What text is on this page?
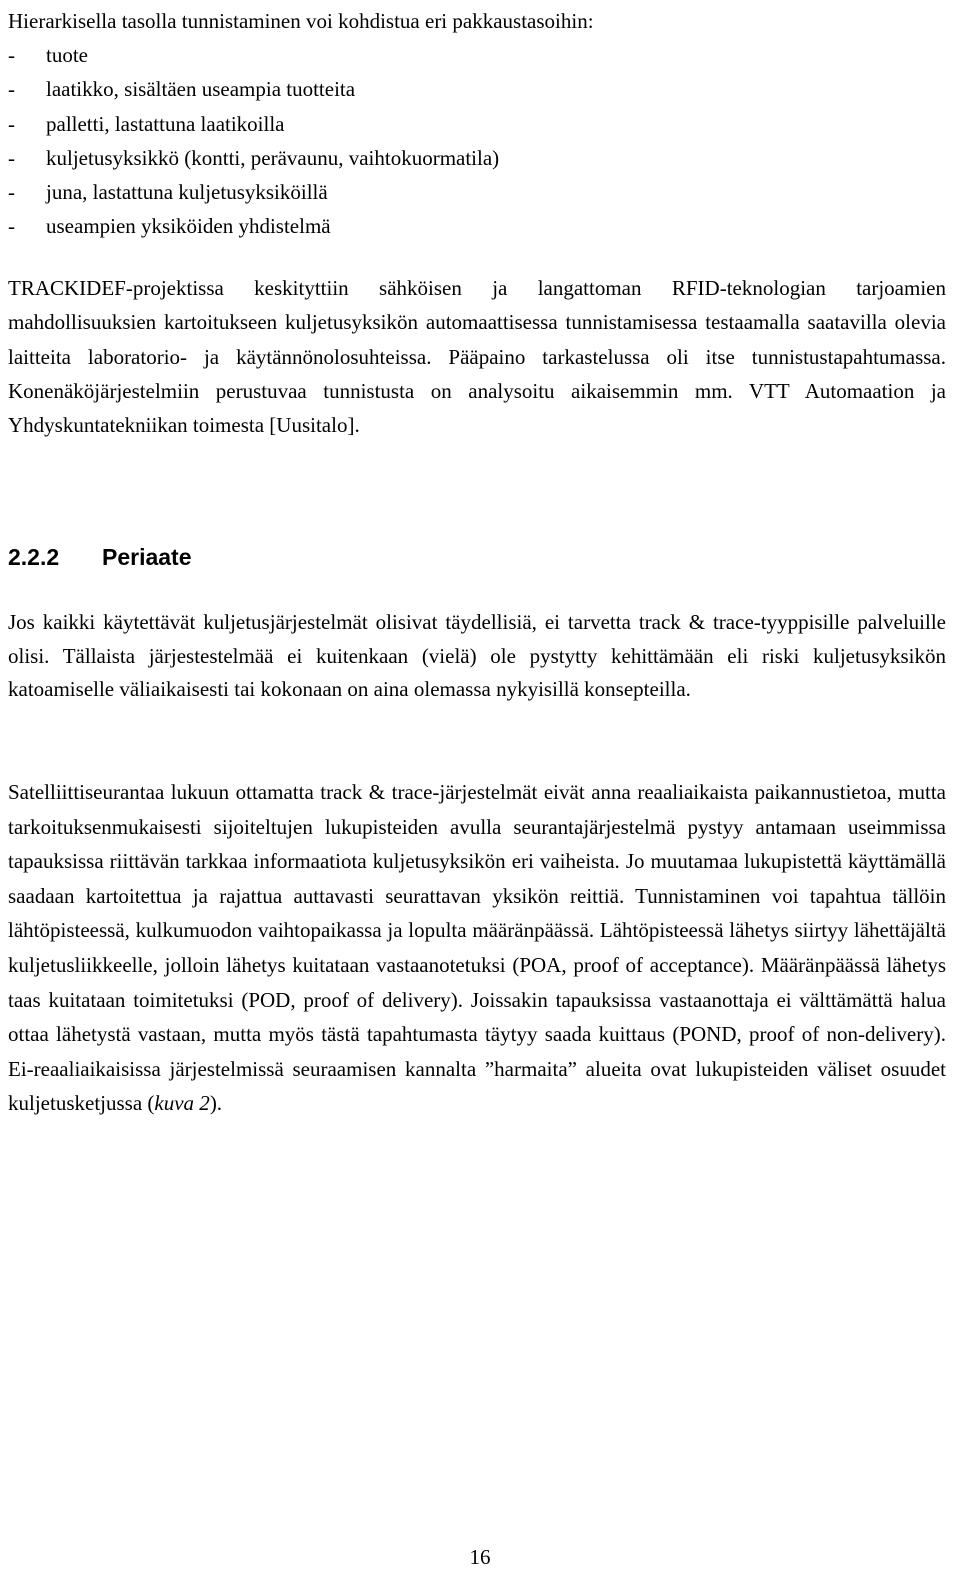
Hierarkisella tasolla tunnistaminen voi kohdistua eri pakkaustasoihin:
- tuote
- laatikko, sisältäen useampia tuotteita
- palletti, lastattuna laatikoilla
- kuljetusyksikkö (kontti, perävaunu, vaihtokuormatila)
- juna, lastattuna kuljetusyksiköillä
- useampien yksiköiden yhdistelmä

TRACKIDEF-projektissa keskityttiin sähköisen ja langattoman RFID-teknologian tarjoamien mahdollisuuksien kartoitukseen kuljetusyksikön automaattisessa tunnistamisessa testaamalla saatavilla olevia laitteita laboratorio- ja käytännönolosuhteissa. Pääpaino tarkastelussa oli itse tunnistustapahtumassa. Konenäköjärjestelmiin perustuvaa tunnistusta on analysoitu aikaisemmin mm. VTT Automaation ja Yhdyskuntatekniikan toimesta [Uusitalo].

2.2.2 Periaate

Jos kaikki käytettävät kuljetusjärjestelmät olisivat täydellisiä, ei tarvetta track & trace-tyyppisille palveluille olisi. Tällaista järjestestelmää ei kuitenkaan (vielä) ole pystytty kehittämään eli riski kuljetusyksikön katoamiselle väliaikaisesti tai kokonaan on aina olemassa nykyisillä konsepteilla.

Satelliittiseurantaa lukuun ottamatta track & trace-järjestelmät eivät anna reaaliaikaista paikannustietoa, mutta tarkoituksenmukaisesti sijoiteltujen lukupisteiden avulla seurantajärjestelmä pystyy antamaan useimmissa tapauksissa riittävän tarkkaa informaatiota kuljetusyksikön eri vaiheista. Jo muutamaa lukupistettä käyttämällä saadaan kartoitettua ja rajattua auttavasti seurattavan yksikön reittiä. Tunnistaminen voi tapahtua tällöin lähtöpisteessä, kulkumuodon vaihtopaikassa ja lopulta määränpäässä. Lähtöpisteessä lähetys siirtyy lähettäjältä kuljetusliikkeelle, jolloin lähetys kuitataan vastaanotetuksi (POA, proof of acceptance). Määränpäässä lähetys taas kuitataan toimitetuksi (POD, proof of delivery). Joissakin tapauksissa vastaanottaja ei välttämättä halua ottaa lähetystä vastaan, mutta myös tästä tapahtumasta täytyy saada kuittaus (POND, proof of non-delivery). Ei-reaaliaikaisissa järjestelmissä seuraamisen kannalta ”harmaita” alueita ovat lukupisteiden väliset osuudet kuljetusketjussa (kuva 2).

16
